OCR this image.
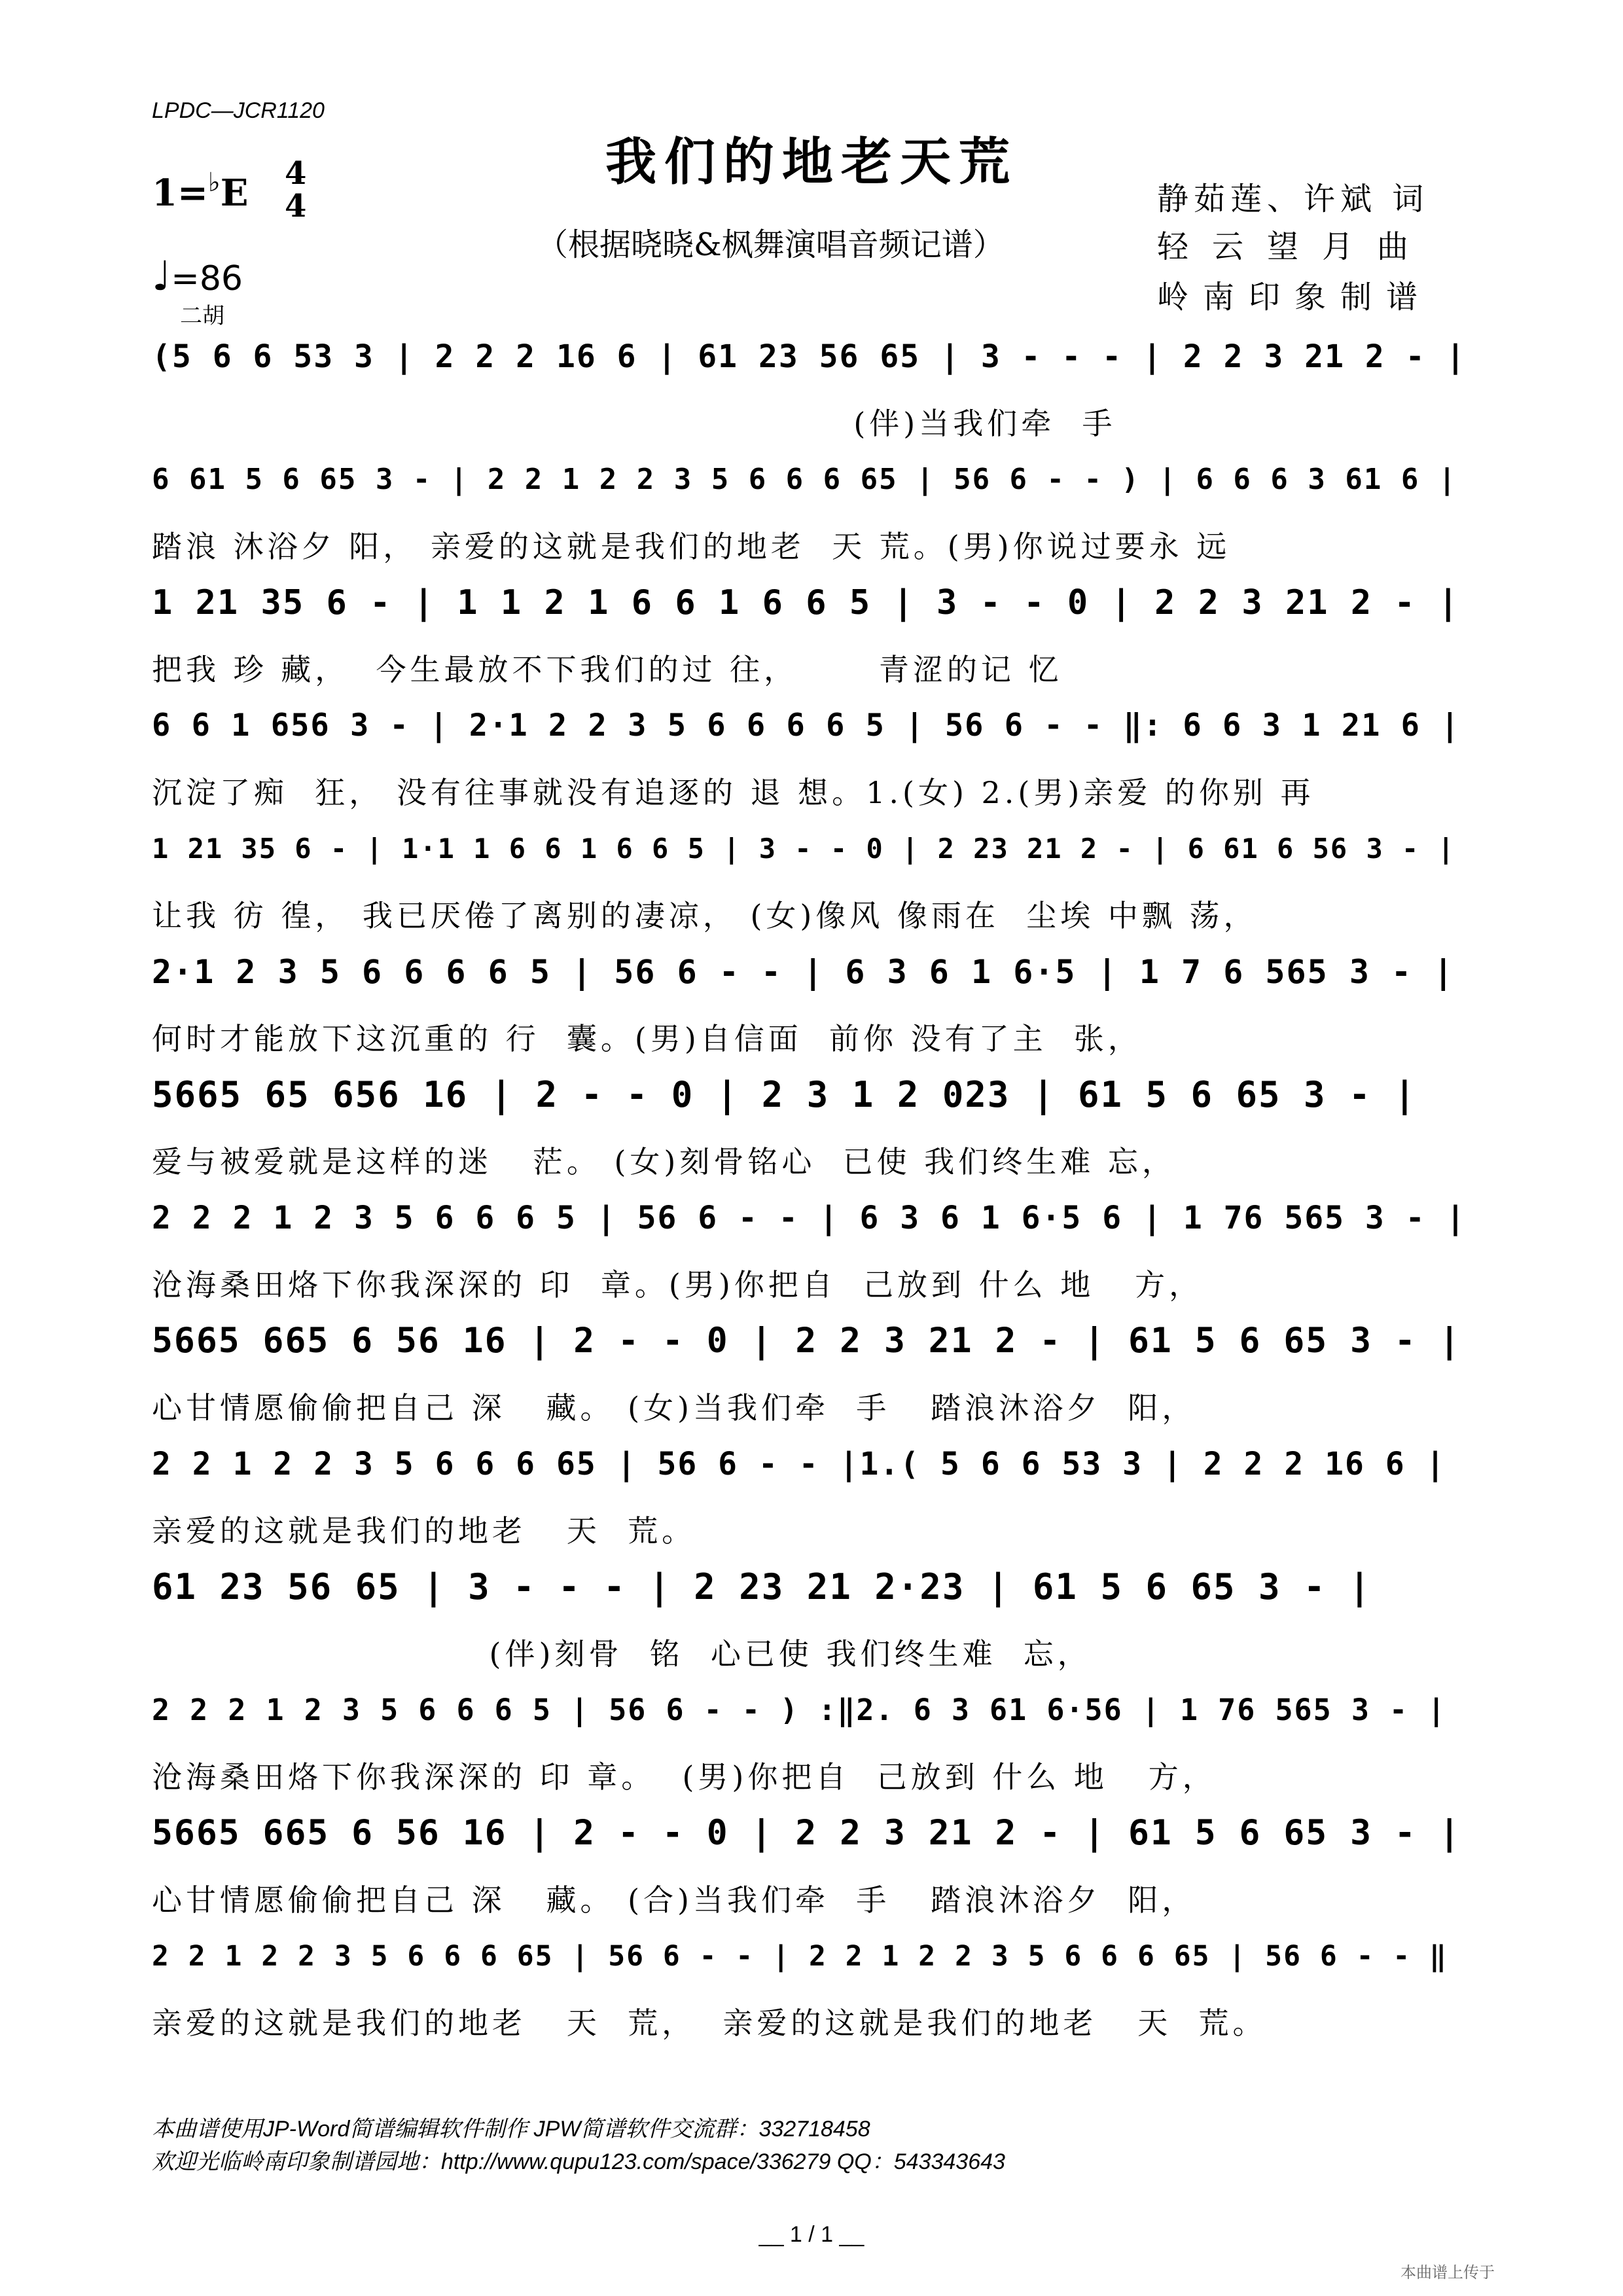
LPDC—JCR1120
我们的地老天荒
（根据晓晓&枫舞演唱音频记谱）
1=♭E 4
4
♩=86
静茹莲、许斌 词
轻云望月曲
岭南印象制谱
二胡
(5 6 6 53 3 | 2 2 2 16 6 | 61 23 56 65 | 3 - - - | 2 2 3 21 2 - |
(伴)当我们牵  手
6 61 5 6 65 3 - | 2 2 1 2 2 3 5 6 6 6 65 | 56 6 - - ) | 6 6 6 3 61 6 |
踏浪 沐浴夕 阳， 亲爱的这就是我们的地老  天 荒。(男)你说过要永 远
1 21 35 6 - | 1 1 2 1 6 6 1 6 6 5 | 3 - - 0 | 2 2 3 21 2 - |
把我 珍 藏，  今生最放不下我们的过 往，      青涩的记 忆
6 6 1 656 3 - | 2·1 2 2 3 5 6 6 6 6 5 | 56 6 - - ‖: 6 6 3 1 21 6 |
沉淀了痴  狂， 没有往事就没有追逐的 退 想。1.(女) 2.(男)亲爱 的你别 再
1 21 35 6 - | 1·1 1 6 6 1 6 6 5 | 3 - - 0 | 2 23 21 2 - | 6 61 6 56 3 - |
让我 彷 徨， 我已厌倦了离别的凄凉， (女)像风 像雨在  尘埃 中飘 荡，
2·1 2 3 5 6 6 6 6 5 | 56 6 - - | 6 3 6 1 6·5 | 1 7 6 565 3 - |
何时才能放下这沉重的 行  囊。(男)自信面  前你 没有了主  张，
5665 65 656 16 | 2 - - 0 | 2 3 1 2 023 | 61 5 6 65 3 - |
爱与被爱就是这样的迷   茫。 (女)刻骨铭心  已使 我们终生难 忘，
2 2 2 1 2 3 5 6 6 6 5 | 56 6 - - | 6 3 6 1 6·5 6 | 1 76 565 3 - |
沧海桑田烙下你我深深的 印  章。(男)你把自  己放到 什么 地   方，
5665 665 6 56 16 | 2 - - 0 | 2 2 3 21 2 - | 61 5 6 65 3 - |
心甘情愿偷偷把自己 深   藏。 (女)当我们牵  手   踏浪沐浴夕  阳，
2 2 1 2 2 3 5 6 6 6 65 | 56 6 - - |1.( 5 6 6 53 3 | 2 2 2 16 6 |
亲爱的这就是我们的地老   天  荒。
61 23 56 65 | 3 - - - | 2 23 21 2·23 | 61 5 6 65 3 - |
(伴)刻骨  铭  心已使 我们终生难  忘，
2 2 2 1 2 3 5 6 6 6 5 | 56 6 - - ) :‖2. 6 3 61 6·56 | 1 76 565 3 - |
沧海桑田烙下你我深深的 印 章。  (男)你把自  己放到 什么 地   方，
5665 665 6 56 16 | 2 - - 0 | 2 2 3 21 2 - | 61 5 6 65 3 - |
心甘情愿偷偷把自己 深   藏。 (合)当我们牵  手   踏浪沐浴夕  阳，
2 2 1 2 2 3 5 6 6 6 65 | 56 6 - - | 2 2 1 2 2 3 5 6 6 6 65 | 56 6 - - ‖
亲爱的这就是我们的地老   天  荒，  亲爱的这就是我们的地老   天  荒。
本曲谱使用JP-Word简谱编辑软件制作 JPW简谱软件交流群：332718458
欢迎光临岭南印象制谱园地：http://www.qupu123.com/space/336279 QQ：543343643
__ 1 / 1 __
本曲谱上传于
